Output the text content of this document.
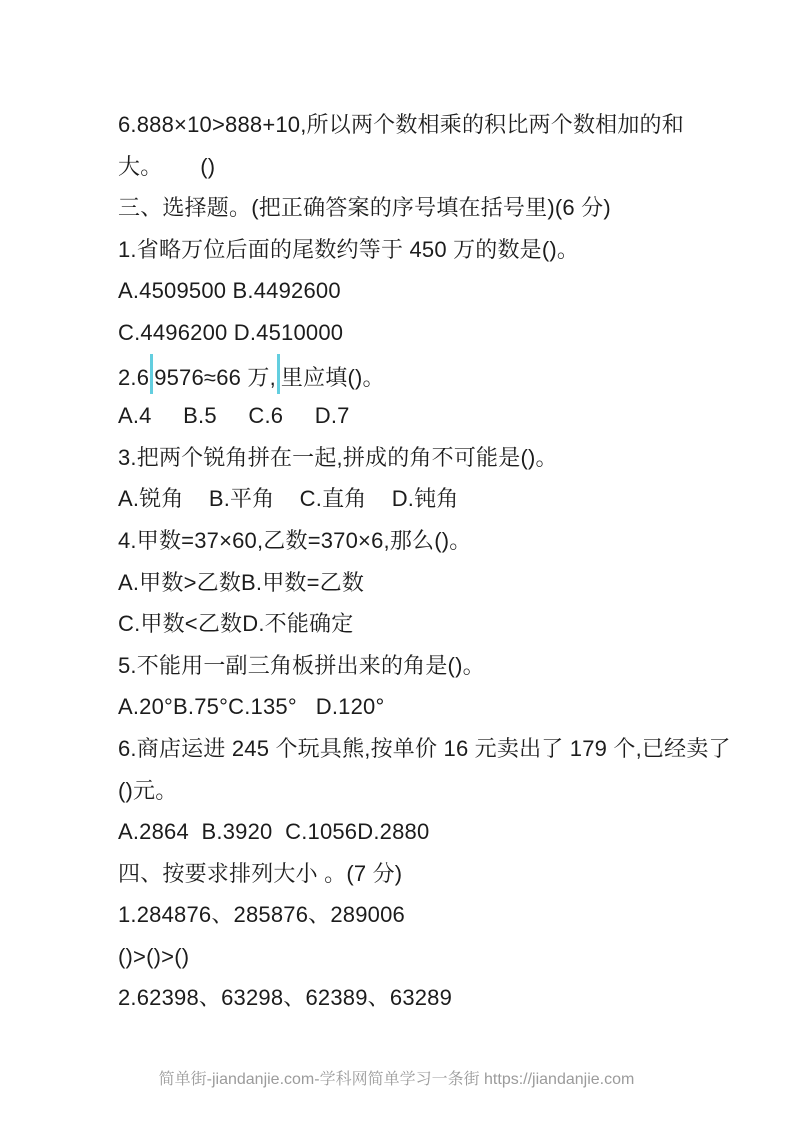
6.888×10>888+10,所以两个数相乘的积比两个数相加的和
大。      ()
三、选择题。(把正确答案的序号填在括号里)(6 分)
1.省略万位后面的尾数约等于 450 万的数是()。
A.4509500 B.4492600
C.4496200 D.4510000
2.6 9576≈66 万, 里应填()。
A.4     B.5     C.6     D.7
3.把两个锐角拼在一起,拼成的角不可能是()。
A.锐角    B.平角    C.直角    D.钝角
4.甲数=37×60,乙数=370×6,那么()。
A.甲数>乙数B.甲数=乙数
C.甲数<乙数D.不能确定
5.不能用一副三角板拼出来的角是()。
A.20°B.75°C.135°   D.120°
6.商店运进 245 个玩具熊,按单价 16 元卖出了 179 个,已经卖了
()元。
A.2864  B.3920  C.1056D.2880
四、按要求排列大小 。(7 分)
1.284876、285876、289006
()>()>()
2.62398、63298、62389、63289
简单街-jiandanjie.com-学科网简单学习一条街 https://jiandanjie.com
